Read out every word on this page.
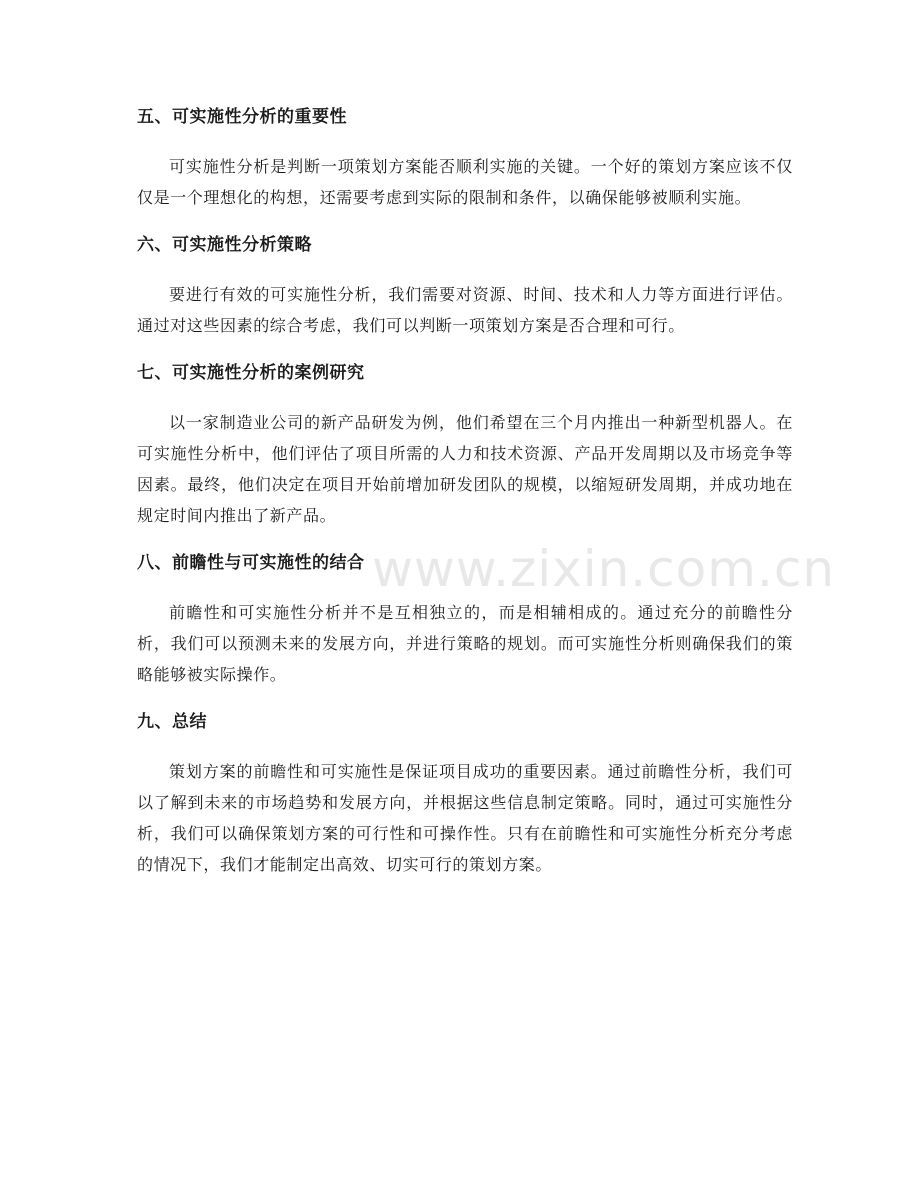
五、可实施性分析的重要性

可实施性分析是判断一项策划方案能否顺利实施的关键。一个好的策划方案应该不仅仅是一个理想化的构想，还需要考虑到实际的限制和条件，以确保能够被顺利实施。

六、可实施性分析策略

要进行有效的可实施性分析，我们需要对资源、时间、技术和人力等方面进行评估。通过对这些因素的综合考虑，我们可以判断一项策划方案是否合理和可行。

七、可实施性分析的案例研究

以一家制造业公司的新产品研发为例，他们希望在三个月内推出一种新型机器人。在可实施性分析中，他们评估了项目所需的人力和技术资源、产品开发周期以及市场竞争等因素。最终，他们决定在项目开始前增加研发团队的规模，以缩短研发周期，并成功地在规定时间内推出了新产品。

八、前瞻性与可实施性的结合

前瞻性和可实施性分析并不是互相独立的，而是相辅相成的。通过充分的前瞻性分析，我们可以预测未来的发展方向，并进行策略的规划。而可实施性分析则确保我们的策略能够被实际操作。

九、总结

策划方案的前瞻性和可实施性是保证项目成功的重要因素。通过前瞻性分析，我们可以了解到未来的市场趋势和发展方向，并根据这些信息制定策略。同时，通过可实施性分析，我们可以确保策划方案的可行性和可操作性。只有在前瞻性和可实施性分析充分考虑的情况下，我们才能制定出高效、切实可行的策划方案。

www.zixin.com.cn
